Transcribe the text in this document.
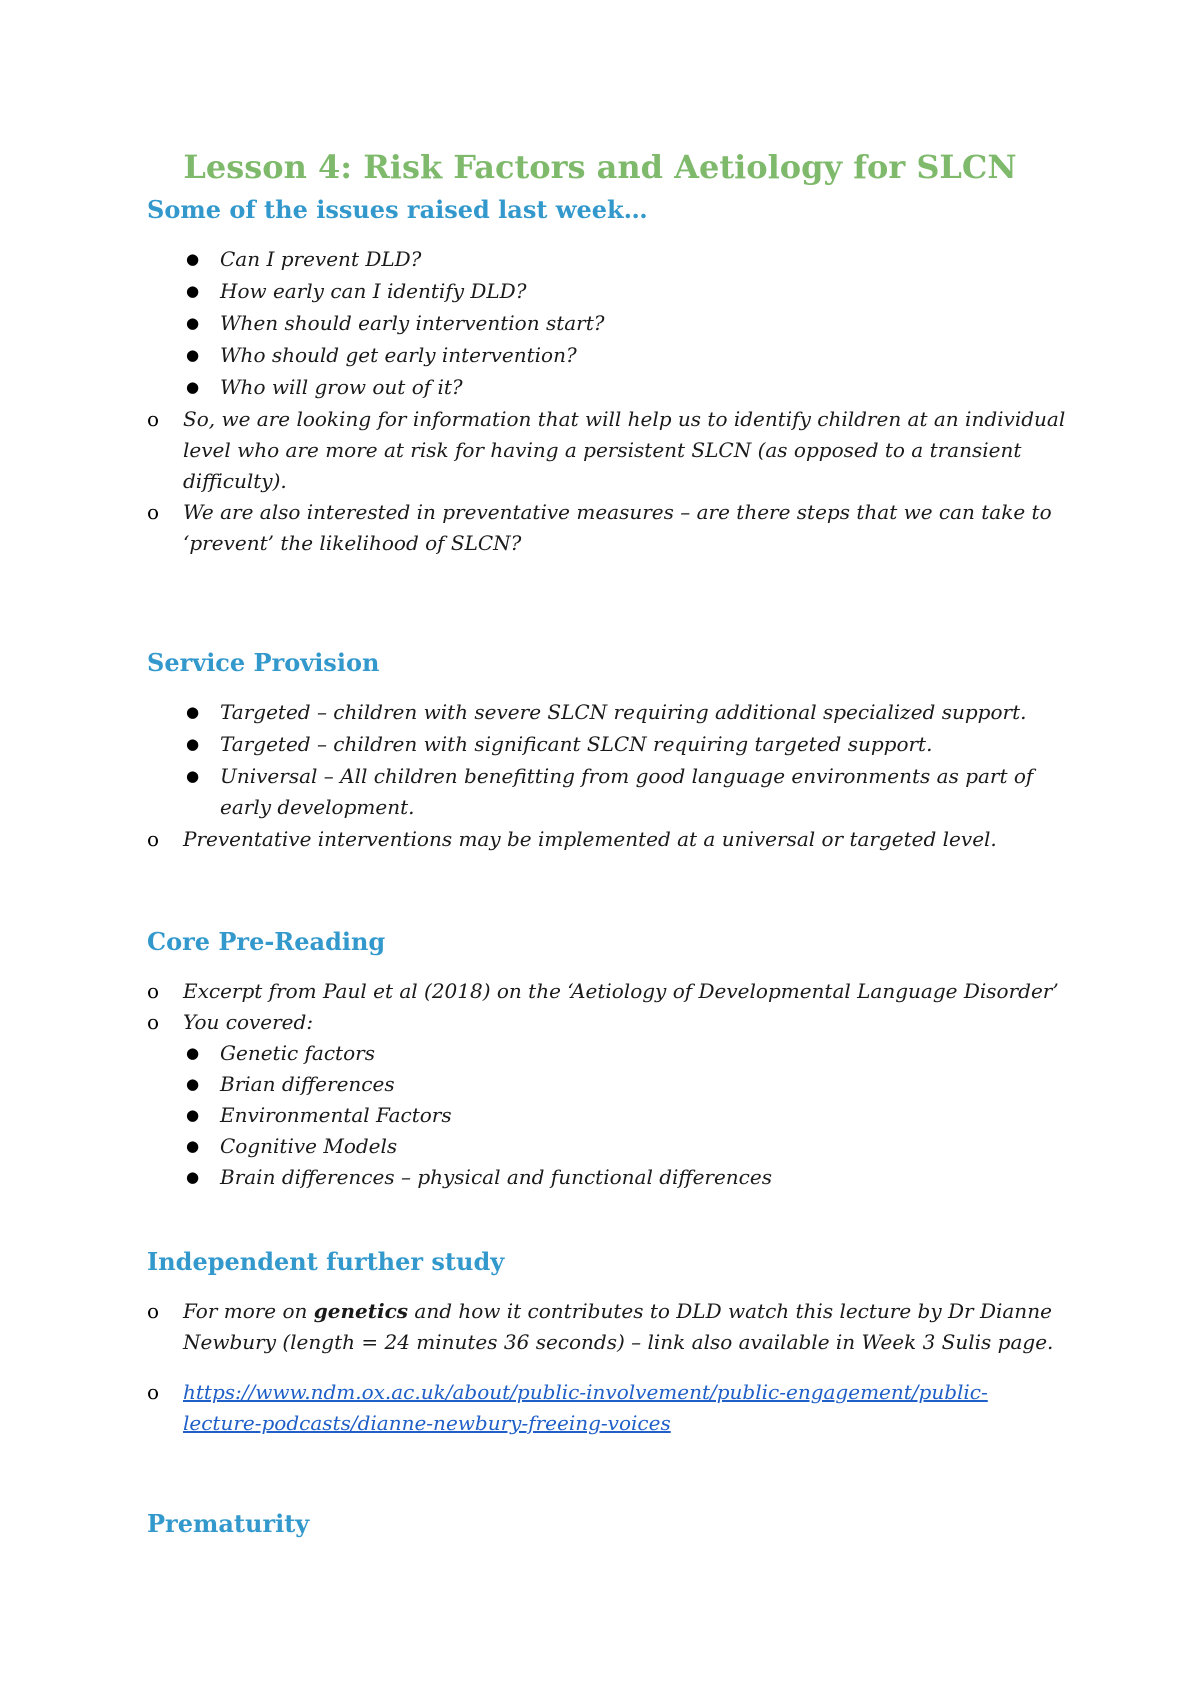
Lesson 4: Risk Factors and Aetiology for SLCN
Some of the issues raised last week…
● Can I prevent DLD?
● How early can I identify DLD?
● When should early intervention start?
● Who should get early intervention?
● Who will grow out of it?
o So, we are looking for information that will help us to identify children at an individual
level who are more at risk for having a persistent SLCN (as opposed to a transient
difficulty).
o We are also interested in preventative measures – are there steps that we can take to
‘prevent’ the likelihood of SLCN?
Service Provision
● Targeted – children with severe SLCN requiring additional specialized support.
● Targeted – children with significant SLCN requiring targeted support.
● Universal – All children benefitting from good language environments as part of
early development.
o Preventative interventions may be implemented at a universal or targeted level.
Core Pre-Reading
o Excerpt from Paul et al (2018) on the ‘Aetiology of Developmental Language Disorder’
o You covered:
● Genetic factors
● Brian differences
● Environmental Factors
● Cognitive Models
● Brain differences – physical and functional differences
Independent further study
o For more on genetics and how it contributes to DLD watch this lecture by Dr Dianne
Newbury (length = 24 minutes 36 seconds) – link also available in Week 3 Sulis page.
o https://www.ndm.ox.ac.uk/about/public-involvement/public-engagement/public-
lecture-podcasts/dianne-newbury-freeing-voices
Prematurity
